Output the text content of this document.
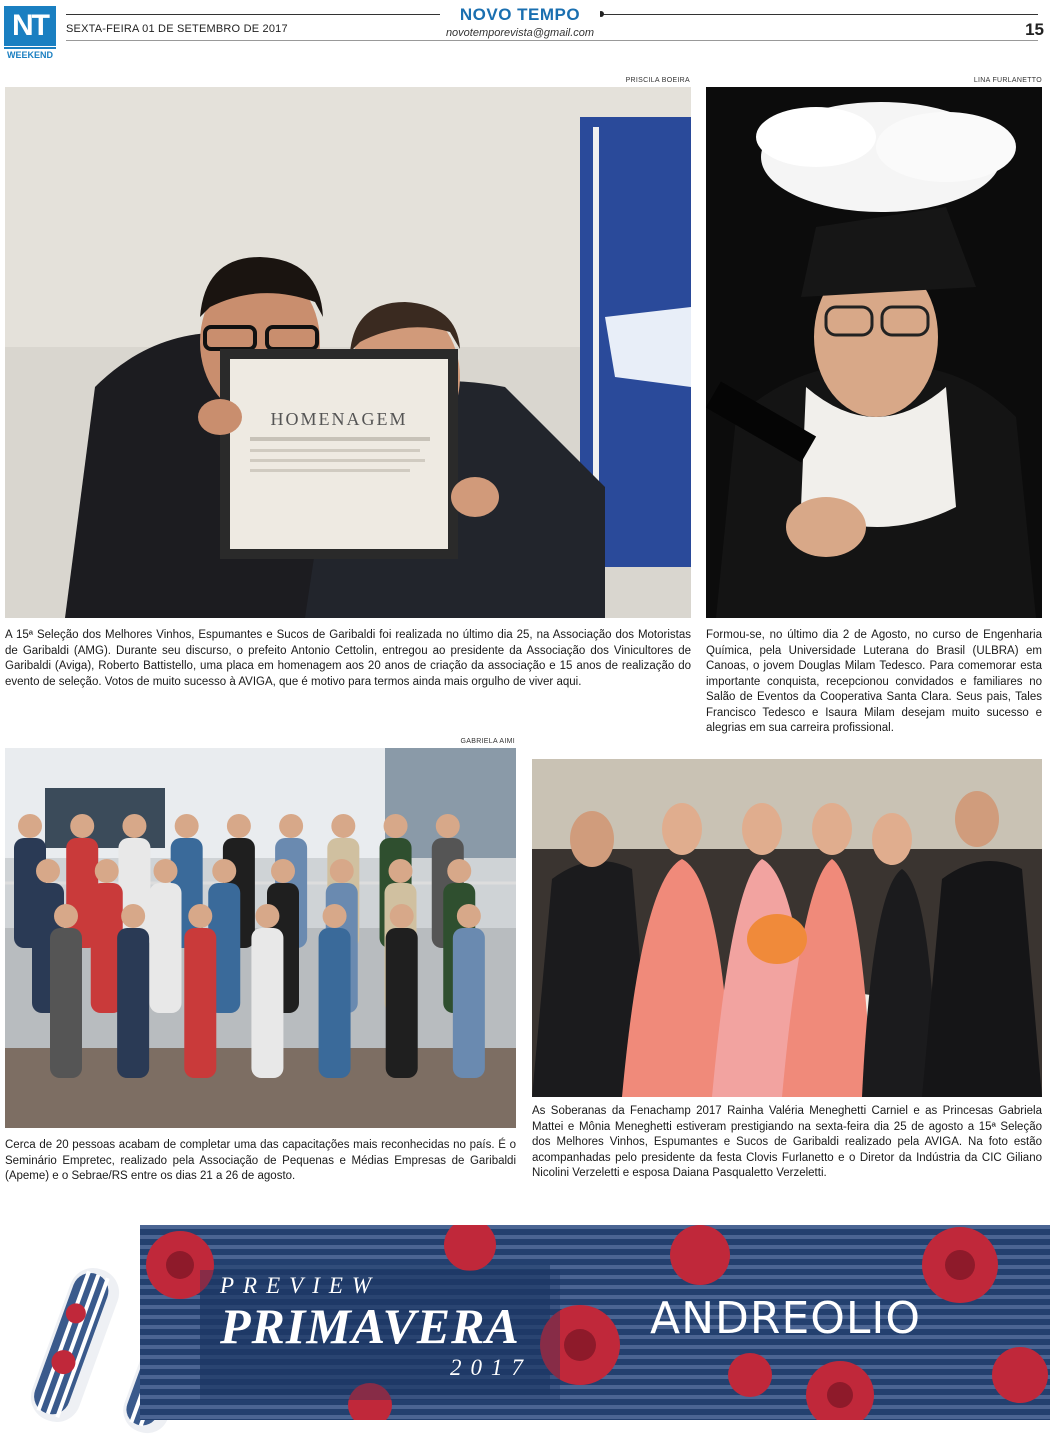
NT
WEEKEND
SEXTA-FEIRA 01 DE SETEMBRO DE 2017
NOVO TEMPO
novotemporevista@gmail.com	15
PRISCILA BOEIRA
HOMENAGEM
LINA FURLANETTO
A 15ª Seleção dos Melhores Vinhos, Espumantes e Sucos de Garibaldi foi realizada no último dia 25, na Associação dos Motoristas de Garibaldi (AMG). Durante seu discurso, o prefeito Antonio Cettolin, entregou ao presidente da Associação dos Vinicultores de Garibaldi (Aviga), Roberto Battistello, uma placa em homenagem aos 20 anos de criação da associação e 15 anos de realização do evento de seleção. Votos de muito sucesso à AVIGA, que é motivo para termos ainda mais orgulho de viver aqui.
Formou-se, no último dia 2 de Agosto, no curso de Engenharia Química, pela Universidade Luterana do Brasil (ULBRA) em Canoas, o jovem Douglas Milam Tedesco. Para comemorar esta importante conquista, recepcionou convidados e familiares no Salão de Eventos da Cooperativa Santa Clara. Seus pais, Tales Francisco Tedesco e Isaura Milam desejam muito sucesso e alegrias em sua carreira profissional.
GABRIELA AIMI
Cerca de 20 pessoas acabam de completar uma das capacitações mais reconhecidas no país. É o Seminário Empretec, realizado pela Associação de Pequenas e Médias Empresas de Garibaldi (Apeme) e o Sebrae/RS entre os dias 21 a 26 de agosto.
As Soberanas da Fenachamp 2017 Rainha Valéria Meneghetti Carniel e as Princesas Gabriela Mattei e Mônia Meneghetti estiveram prestigiando na sexta-feira dia 25 de agosto a 15ª Seleção dos Melhores Vinhos, Espumantes e Sucos de Garibaldi realizado pela AVIGA. Na foto estão acompanhadas pelo presidente da festa Clovis Furlanetto e o Diretor da Indústria da CIC Giliano Nicolini Verzeletti e esposa Daiana Pasqualetto Verzeletti.
PREVIEW
PRIMAVERA
2017
ANDREOLIO
